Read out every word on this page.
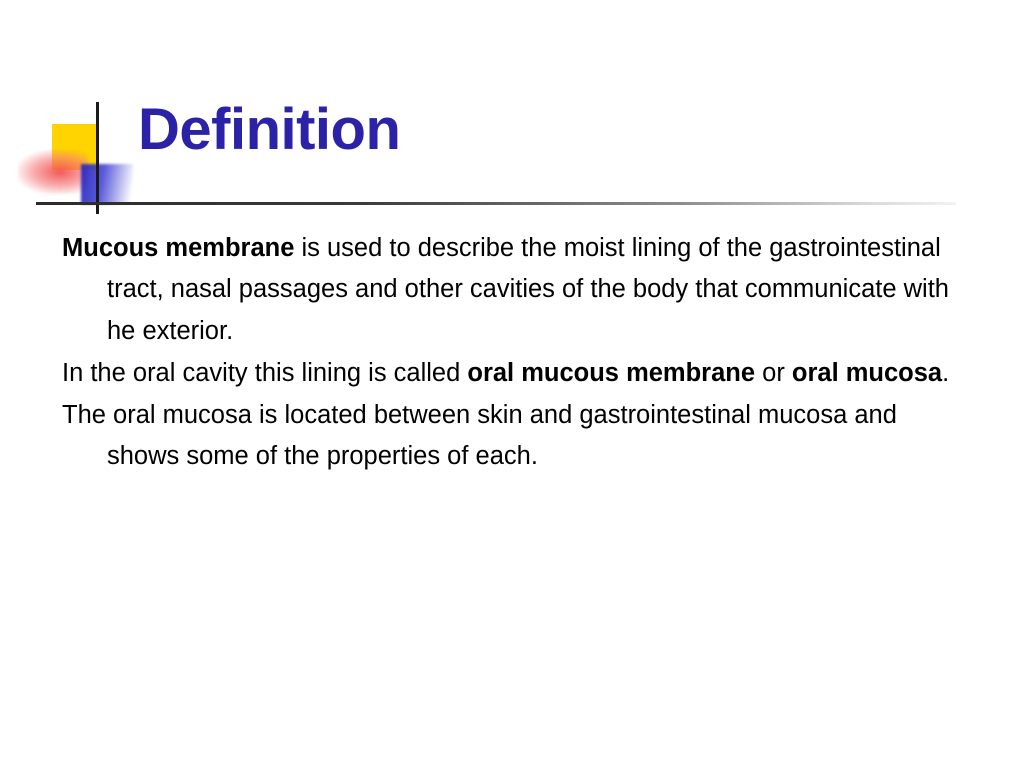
Definition

Mucous membrane is used to describe the moist lining of the gastrointestinal tract, nasal passages and other cavities of the body that communicate with he exterior.

In the oral cavity this lining is called oral mucous membrane or oral mucosa.

The oral mucosa is located between skin and gastrointestinal mucosa and shows some of the properties of each.
